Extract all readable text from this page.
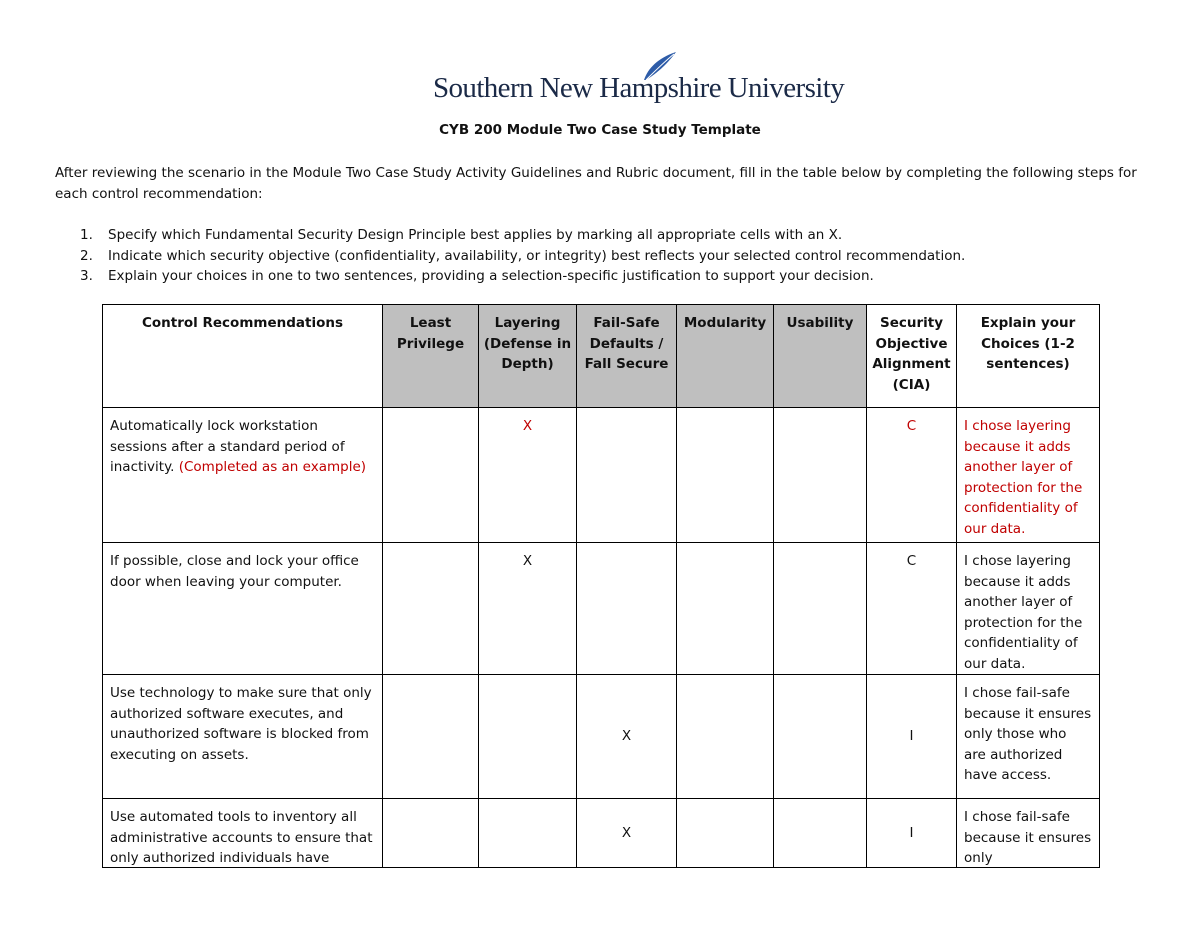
Southern New Hampshire University
CYB 200 Module Two Case Study Template
After reviewing the scenario in the Module Two Case Study Activity Guidelines and Rubric document, fill in the table below by completing the following steps for each control recommendation:
1. Specify which Fundamental Security Design Principle best applies by marking all appropriate cells with an X.
2. Indicate which security objective (confidentiality, availability, or integrity) best reflects your selected control recommendation.
3. Explain your choices in one to two sentences, providing a selection-specific justification to support your decision.
Control Recommendations	Least Privilege	Layering (Defense in Depth)	Fail-Safe Defaults / Fall Secure	Modularity	Usability	Security Objective Alignment (CIA)	Explain your Choices (1-2 sentences)
Automatically lock workstation sessions after a standard period of inactivity. (Completed as an example)		X				C	I chose layering because it adds another layer of protection for the confidentiality of our data.
If possible, close and lock your office door when leaving your computer.		X				C	I chose layering because it adds another layer of protection for the confidentiality of our data.
Use technology to make sure that only authorized software executes, and unauthorized software is blocked from executing on assets.			X			I	I chose fail-safe because it ensures only those who are authorized have access.

Use automated tools to inventory all administrative accounts to ensure that only authorized individuals have			X			I	I chose fail-safe because it ensures only
